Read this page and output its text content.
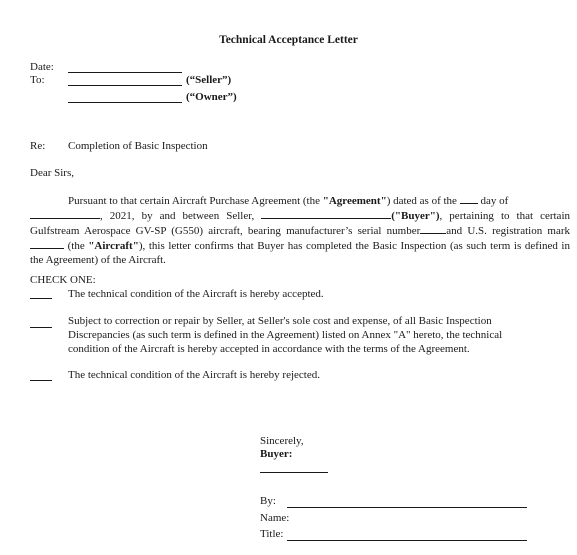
Technical Acceptance Letter
Date:
To:	(“Seller”)
(“Owner”)
Re: Completion of Basic Inspection
Dear Sirs,
Pursuant to that certain Aircraft Purchase Agreement (the "Agreement") dated as of the  day of
, 2021, by and between Seller,	("Buyer"), pertaining to that certain Gulfstream Aerospace GV-SP (G550) aircraft, bearing manufacturer’s serial number and U.S. registration mark  (the "Aircraft"), this letter confirms that Buyer has completed the Basic Inspection (as such term is defined in the Agreement) of the Aircraft.
CHECK ONE:
The technical condition of the Aircraft is hereby accepted.
Subject to correction or repair by Seller, at Seller's sole cost and expense, of all Basic Inspection Discrepancies (as such term is defined in the Agreement) listed on Annex "A" hereto, the technical condition of the Aircraft is hereby accepted in accordance with the terms of the Agreement.
The technical condition of the Aircraft is hereby rejected.
Sincerely,
Buyer:
By:
Name:
Title:
